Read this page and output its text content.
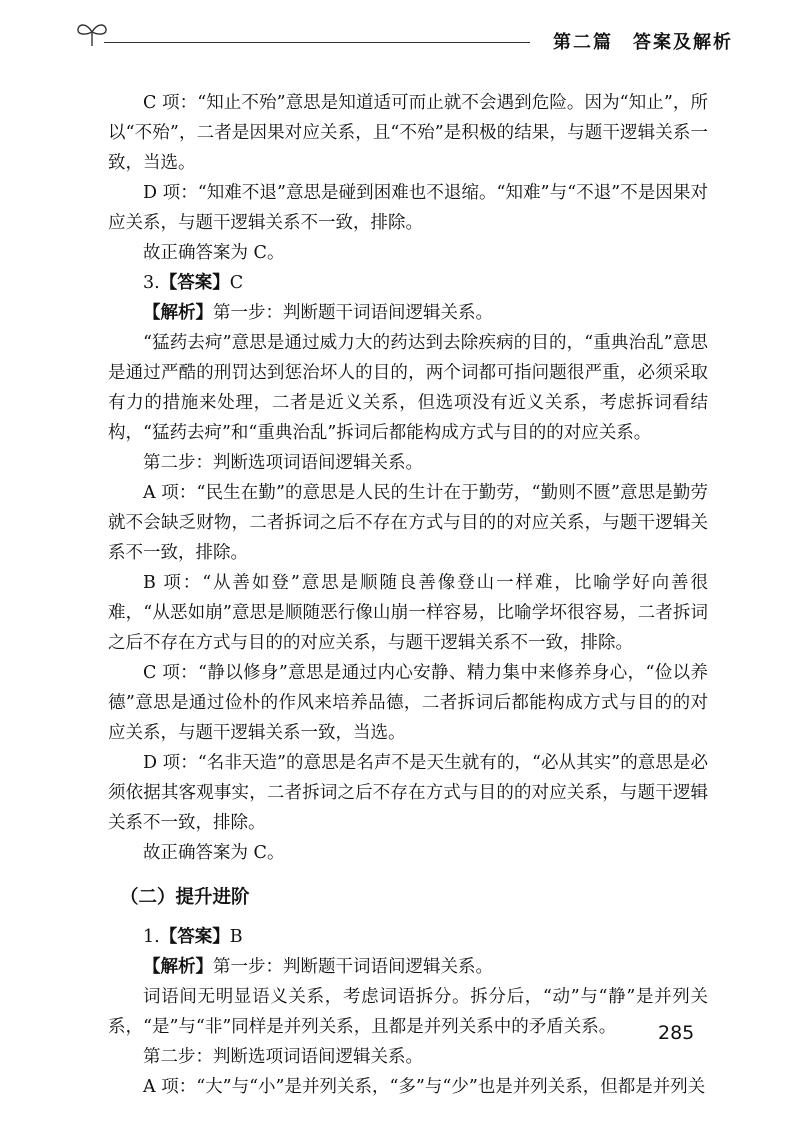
第二篇　答案及解析

C 项：“知止不殆”意思是知道适可而止就不会遇到危险。因为“知止”，所以“不殆”，二者是因果对应关系，且“不殆”是积极的结果，与题干逻辑关系一致，当选。

D 项：“知难不退”意思是碰到困难也不退缩。“知难”与“不退”不是因果对应关系，与题干逻辑关系不一致，排除。

故正确答案为 C。

3.【答案】C

【解析】第一步：判断题干词语间逻辑关系。

“猛药去疴”意思是通过威力大的药达到去除疾病的目的，“重典治乱”意思是通过严酷的刑罚达到惩治坏人的目的，两个词都可指问题很严重，必须采取有力的措施来处理，二者是近义关系，但选项没有近义关系，考虑拆词看结构，“猛药去疴”和“重典治乱”拆词后都能构成方式与目的的对应关系。

第二步：判断选项词语间逻辑关系。

A 项：“民生在勤”的意思是人民的生计在于勤劳，“勤则不匮”意思是勤劳就不会缺乏财物，二者拆词之后不存在方式与目的的对应关系，与题干逻辑关系不一致，排除。

B 项：“从善如登”意思是顺随良善像登山一样难，比喻学好向善很难，“从恶如崩”意思是顺随恶行像山崩一样容易，比喻学坏很容易，二者拆词之后不存在方式与目的的对应关系，与题干逻辑关系不一致，排除。

C 项：“静以修身”意思是通过内心安静、精力集中来修养身心，“俭以养德”意思是通过俭朴的作风来培养品德，二者拆词后都能构成方式与目的的对应关系，与题干逻辑关系一致，当选。

D 项：“名非天造”的意思是名声不是天生就有的，“必从其实”的意思是必须依据其客观事实，二者拆词之后不存在方式与目的的对应关系，与题干逻辑关系不一致，排除。

故正确答案为 C。

（二）提升进阶

1.【答案】B

【解析】第一步：判断题干词语间逻辑关系。

词语间无明显语义关系，考虑词语拆分。拆分后，“动”与“静”是并列关系，“是”与“非”同样是并列关系，且都是并列关系中的矛盾关系。

第二步：判断选项词语间逻辑关系。

A 项：“大”与“小”是并列关系，“多”与“少”也是并列关系，但都是并列关

285
